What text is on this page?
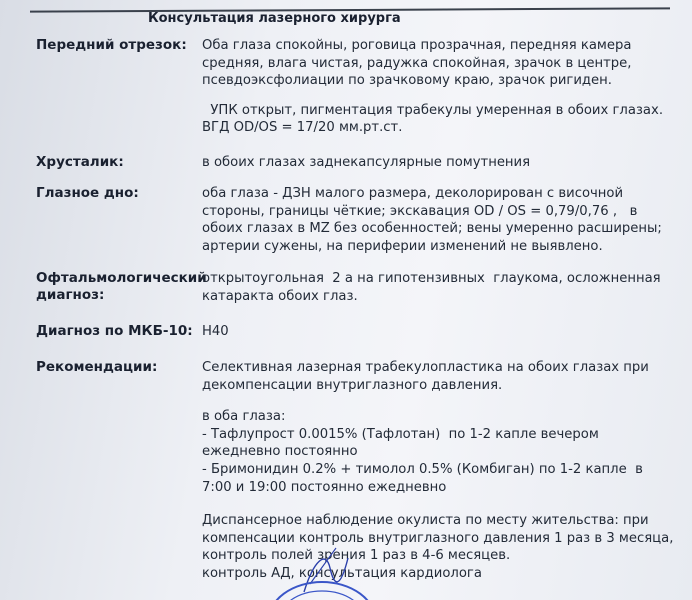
Консультация лазерного хирурга
Передний отрезок:	Оба глаза спокойны, роговица прозрачная, передняя камера
средняя, влага чистая, радужка спокойная, зрачок в центре,
псевдоэксфолиации по зрачковому краю, зрачок ригиден.
УПК открыт, пигментация трабекулы умеренная в обоих глазах.
ВГД OD/OS = 17/20 мм.рт.ст.
Хрусталик:	в обоих глазах заднекапсулярные помутнения
Глазное дно:	оба глаза - ДЗН малого размера, деколорирован с височной
стороны, границы чёткие; экскавация OD / OS = 0,79/0,76 ,   в
обоих глазах в MZ без особенностей; вены умеренно расширены;
артерии сужены, на периферии изменений не выявлено.
Офтальмологический
диагноз:
открытоугольная  2 а на гипотензивных  глаукома, осложненная
катаракта обоих глаз.
Диагноз по МКБ-10: H40
Рекомендации:	Селективная лазерная трабекулопластика на обоих глазах при
декомпенсации внутриглазного давления.
в оба глаза:
- Тафлупрост 0.0015% (Тафлотан)  по 1-2 капле вечером
ежедневно постоянно
- Бримонидин 0.2% + тимолол 0.5% (Комбиган) по 1-2 капле  в
7:00 и 19:00 постоянно ежедневно
Диспансерное наблюдение окулиста по месту жительства: при
компенсации контроль внутриглазного давления 1 раз в 3 месяца,
контроль полей зрения 1 раз в 4-6 месяцев.
контроль АД, консультация кардиолога
